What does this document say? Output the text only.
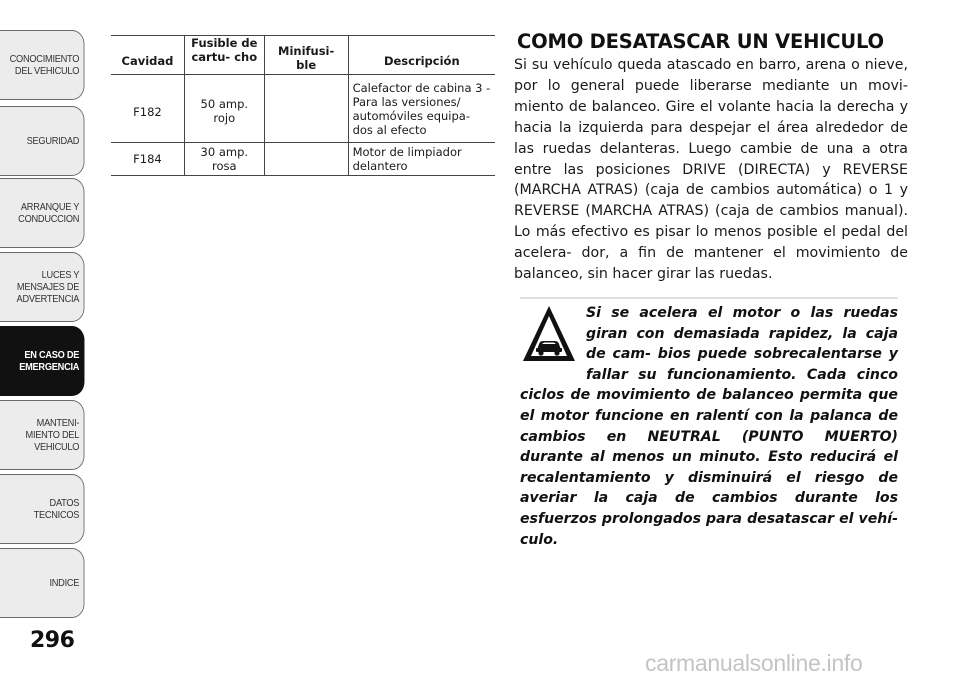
CONOCIMIENTO
DEL VEHICULO
SEGURIDAD
ARRANQUE Y
CONDUCCION
LUCES Y
MENSAJES DE
ADVERTENCIA
EN CASO DE
EMERGENCIA
MANTENI-
MIENTO DEL
VEHICULO
DATOS
TECNICOS
INDICE
296
Cavidad	Fusible de cartu- cho	Minifusi- ble	Descripción
F182	50 amp. rojo		Calefactor de cabina 3 - Para las versiones/ automóviles equipa- dos al efecto
F184	30 amp. rosa		Motor de limpiador delantero
COMO DESATASCAR UN VEHICULO

Si su vehículo queda atascado en barro, arena o nieve, por lo general puede liberarse mediante un movi- miento de balanceo. Gire el volante hacia la derecha y hacia la izquierda para despejar el área alrededor de las ruedas delanteras. Luego cambie de una a otra entre las posiciones DRIVE (DIRECTA) y REVERSE (MARCHA ATRAS) (caja de cambios automática) o 1 y REVERSE (MARCHA ATRAS) (caja de cambios manual). Lo más efectivo es pisar lo menos posible el pedal del acelera- dor, a fin de mantener el movimiento de balanceo, sin hacer girar las ruedas.

Si se acelera el motor o las ruedas giran con demasiada rapidez, la caja de cam- bios puede sobrecalentarse y fallar su funcionamiento. Cada cinco ciclos de movimiento de balanceo permita que el motor funcione en ralentí con la palanca de cambios en NEUTRAL (PUNTO MUERTO) durante al menos un minuto. Esto reducirá el recalentamiento y disminuirá el riesgo de averiar la caja de cambios durante los esfuerzos prolongados para desatascar el vehí- culo.

carmanualsonline.info
